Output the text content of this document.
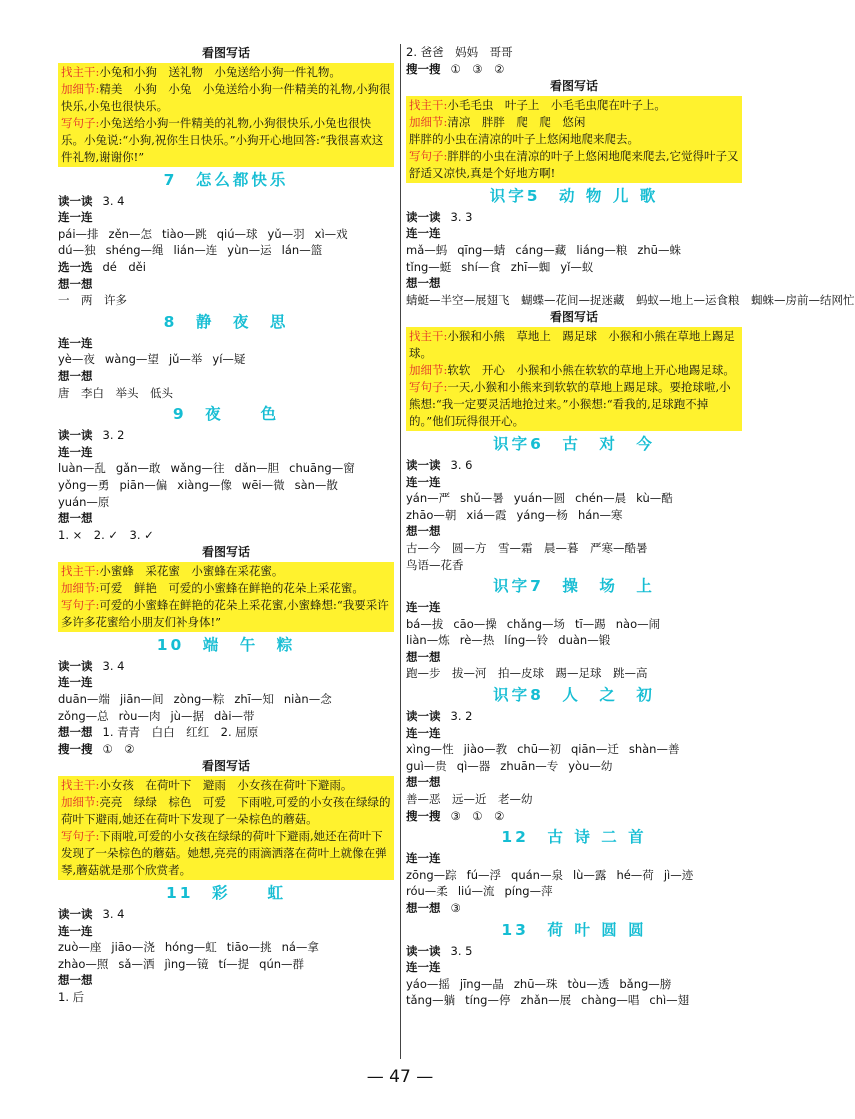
看图写话
找主干:小兔和小狗　送礼物　小兔送给小狗一件礼物。
加细节:精美　小狗　小兔　小兔送给小狗一件精美的礼物,小狗很快乐,小兔也很快乐。
写句子:小兔送给小狗一件精美的礼物,小狗很快乐,小兔也很快乐。小兔说:“小狗,祝你生日快乐。”小狗开心地回答:“我很喜欢这件礼物,谢谢你!”
7　怎么都快乐
读一读 3. 4
连一连
pái—排 zěn—怎 tiào—跳 qiú—球 yǔ—羽 xì—戏
dú—独 shéng—绳 lián—连 yùn—运 lán—篮
选一选 dé　děi
想一想
一　两　许多
8　静　夜　思
连一连
yè—夜 wàng—望 jǔ—举 yí—疑
想一想
唐　李白　举头　低头
9　夜　　色
读一读 3. 2
连一连
luàn—乱 gǎn—敢 wǎng—往 dǎn—胆 chuāng—窗
yǒng—勇 piān—偏 xiàng—像 wēi—微 sàn—散
yuán—原
想一想
1. ×　2. ✓　3. ✓
看图写话
找主干:小蜜蜂　采花蜜　小蜜蜂在采花蜜。
加细节:可爱　鲜艳　可爱的小蜜蜂在鲜艳的花朵上采花蜜。
写句子:可爱的小蜜蜂在鲜艳的花朵上采花蜜,小蜜蜂想:“我要采许多许多花蜜给小朋友们补身体!”
10　端　午　粽
读一读 3. 4
连一连
duān—端 jiān—间 zòng—粽 zhī—知 niàn—念
zǒng—总 ròu—肉 jù—据 dài—带
想一想 1. 青青　白白　红红　2. 屈原
搜一搜 ①　②
看图写话
找主干:小女孩　在荷叶下　避雨　小女孩在荷叶下避雨。
加细节:亮亮　绿绿　棕色　可爱　下雨啦,可爱的小女孩在绿绿的荷叶下避雨,她还在荷叶下发现了一朵棕色的蘑菇。
写句子:下雨啦,可爱的小女孩在绿绿的荷叶下避雨,她还在荷叶下发现了一朵棕色的蘑菇。她想,亮亮的雨滴洒落在荷叶上就像在弹琴,蘑菇就是那个欣赏者。
11　彩　　虹
读一读 3. 4
连一连
zuò—座 jiāo—浇 hóng—虹 tiāo—挑 ná—拿
zhào—照 sǎ—洒 jìng—镜 tí—提 qún—群
想一想
1. 后
2. 爸爸　妈妈　哥哥
搜一搜 ①　③　②
看图写话
找主干:小毛毛虫　叶子上　小毛毛虫爬在叶子上。
加细节:清凉　胖胖　爬　爬　悠闲
胖胖的小虫在清凉的叶子上悠闲地爬来爬去。
写句子:胖胖的小虫在清凉的叶子上悠闲地爬来爬去,它觉得叶子又舒适又凉快,真是个好地方啊!
识字5　动 物 儿 歌
读一读 3. 3
连一连
mǎ—蚂 qīng—蜻 cáng—藏 liáng—粮 zhū—蛛
tǐng—蜓 shí—食 zhī—蜘 yǐ—蚁
想一想
蜻蜓—半空—展翅飞　蝴蝶—花间—捉迷藏　蚂蚁—地上—运食粮　蜘蛛—房前—结网忙
看图写话
找主干:小猴和小熊　草地上　踢足球　小猴和小熊在草地上踢足球。
加细节:软软　开心　小猴和小熊在软软的草地上开心地踢足球。
写句子:一天,小猴和小熊来到软软的草地上踢足球。要抢球啦,小熊想:“我一定要灵活地抢过来。”小猴想:“看我的,足球跑不掉的。”他们玩得很开心。
识字6　古　对　今
读一读 3. 6
连一连
yán—严 shǔ—暑 yuán—圆 chén—晨 kù—酷
zhāo—朝 xiá—霞 yáng—杨 hán—寒
想一想
古—今　圆—方　雪—霜　晨—暮　严寒—酷暑
鸟语—花香
识字7　操　场　上
连一连
bá—拔 cāo—操 chǎng—场 tī—踢 nào—闹
liàn—炼 rè—热 líng—铃 duàn—锻
想一想
跑—步　拔—河　拍—皮球　踢—足球　跳—高
识字8　人　之　初
读一读 3. 2
连一连
xìng—性 jiào—教 chū—初 qiān—迁 shàn—善
guì—贵 qì—器 zhuān—专 yòu—幼
想一想
善—恶　远—近　老—幼
搜一搜 ③　①　②
12　古 诗 二 首
连一连
zōng—踪 fú—浮 quán—泉 lù—露 hé—荷 jì—迹
róu—柔 liú—流 píng—萍
想一想 ③
13　荷 叶 圆 圆
读一读 3. 5
连一连
yáo—摇 jīng—晶 zhū—珠 tòu—透 bǎng—膀
tǎng—躺 tíng—停 zhǎn—展 chàng—唱 chì—翅
— 47 —
